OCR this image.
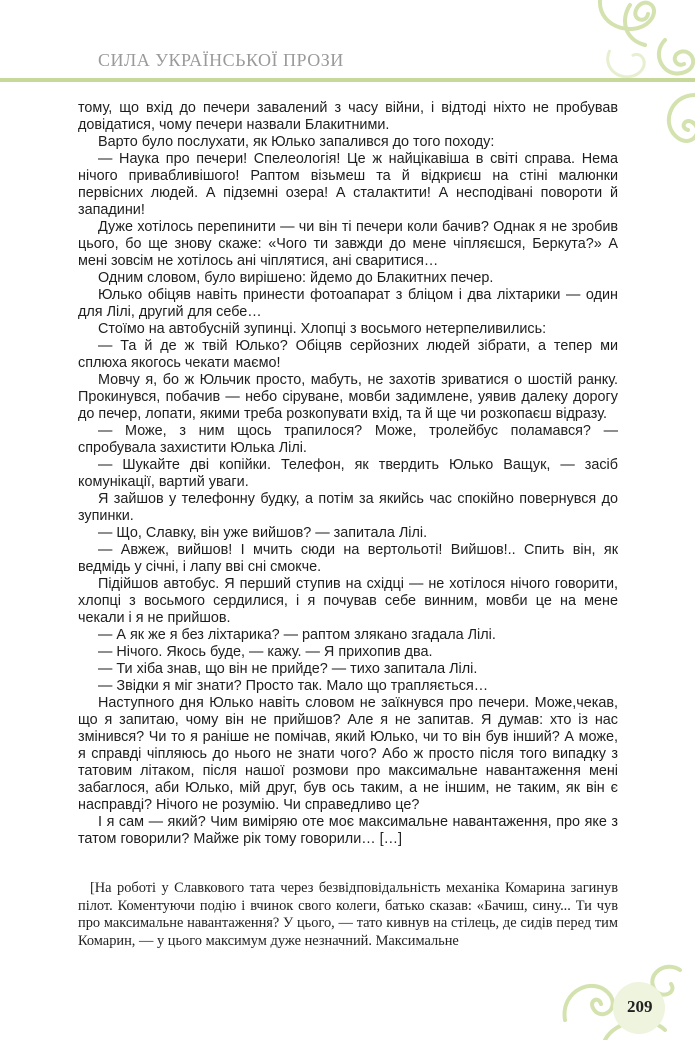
СИЛА УКРАЇНСЬКОЇ ПРОЗИ

тому, що вхід до печери завалений з часу війни, і відтоді ніхто не пробував довідатися, чому печери назвали Блакитними.

Варто було послухати, як Юлько запалився до того походу:

— Наука про печери! Спелеологія! Це ж найцікавіша в світі справа. Нема нічого привабливішого! Раптом візьмеш та й відкриєш на стіні малюнки первісних людей. А підземні озера! А сталактити! А несподівані повороти й западини!

Дуже хотілось перепинити — чи він ті печери коли бачив? Однак я не зробив цього, бо ще знову скаже: «Чого ти завжди до мене чіпляєшся, Беркута?» А мені зовсім не хотілось ані чіплятися, ані сваритися…

Одним словом, було вирішено: йдемо до Блакитних печер.

Юлько обіцяв навіть принести фотоапарат з бліцом і два ліхтарики — один для Лілі, другий для себе…

Стоїмо на автобусній зупинці. Хлопці з восьмого нетерпеливились:

— Та й де ж твій Юлько? Обіцяв серйозних людей зібрати, а тепер ми сплюха якогось чекати маємо!

Мовчу я, бо ж Юльчик просто, мабуть, не захотів зриватися о шостій ранку. Прокинувся, побачив — небо сіруване, мовби задимлене, уявив далеку дорогу до печер, лопати, якими треба розкопувати вхід, та й ще чи розкопаєш відразу.

— Може, з ним щось трапилося? Може, тролейбус поламався? — спробувала захистити Юлька Лілі.

— Шукайте дві копійки. Телефон, як твердить Юлько Ващук, — засіб комунікації, вартий уваги.

Я зайшов у телефонну будку, а потім за якийсь час спокійно повернувся до зупинки.

— Що, Славку, він уже вийшов? — запитала Лілі.

— Авжеж, вийшов! І мчить сюди на вертольоті! Вийшов!.. Спить він, як ведмідь у січні, і лапу вві сні смокче.

Підійшов автобус. Я перший ступив на східці — не хотілося нічого говорити, хлопці з восьмого сердилися, і я почував себе винним, мовби це на мене чекали і я не прийшов.

— А як же я без ліхтарика? — раптом злякано згадала Лілі.

— Нічого. Якось буде, — кажу. — Я прихопив два.

— Ти хіба знав, що він не прийде? — тихо запитала Лілі.

— Звідки я міг знати? Просто так. Мало що трапляється…

Наступного дня Юлько навіть словом не заїкнувся про печери. Може,чекав, що я запитаю, чому він не прийшов? Але я не запитав. Я думав: хто із нас змінився? Чи то я раніше не помічав, який Юлько, чи то він був інший? А може, я справді чіпляюсь до нього не знати чого? Або ж просто після того випадку з татовим літаком, після нашої розмови про максимальне навантаження мені забаглося, аби Юлько, мій друг, був ось таким, а не іншим, не таким, як він є насправді? Нічого не розумію. Чи справедливо це?

І я сам — який? Чим виміряю оте моє максимальне навантаження, про яке з татом говорили? Майже рік тому говорили… […]

[На роботі у Славкового тата через безвідповідальність механіка Комарина загинув пілот. Коментуючи подію і вчинок свого колеги, батько сказав: «Бачиш, сину... Ти чув про максимальне навантаження? У цього, — тато кивнув на стілець, де сидів перед тим Комарин, — у цього максимум дуже незначний. Максимальне

209
